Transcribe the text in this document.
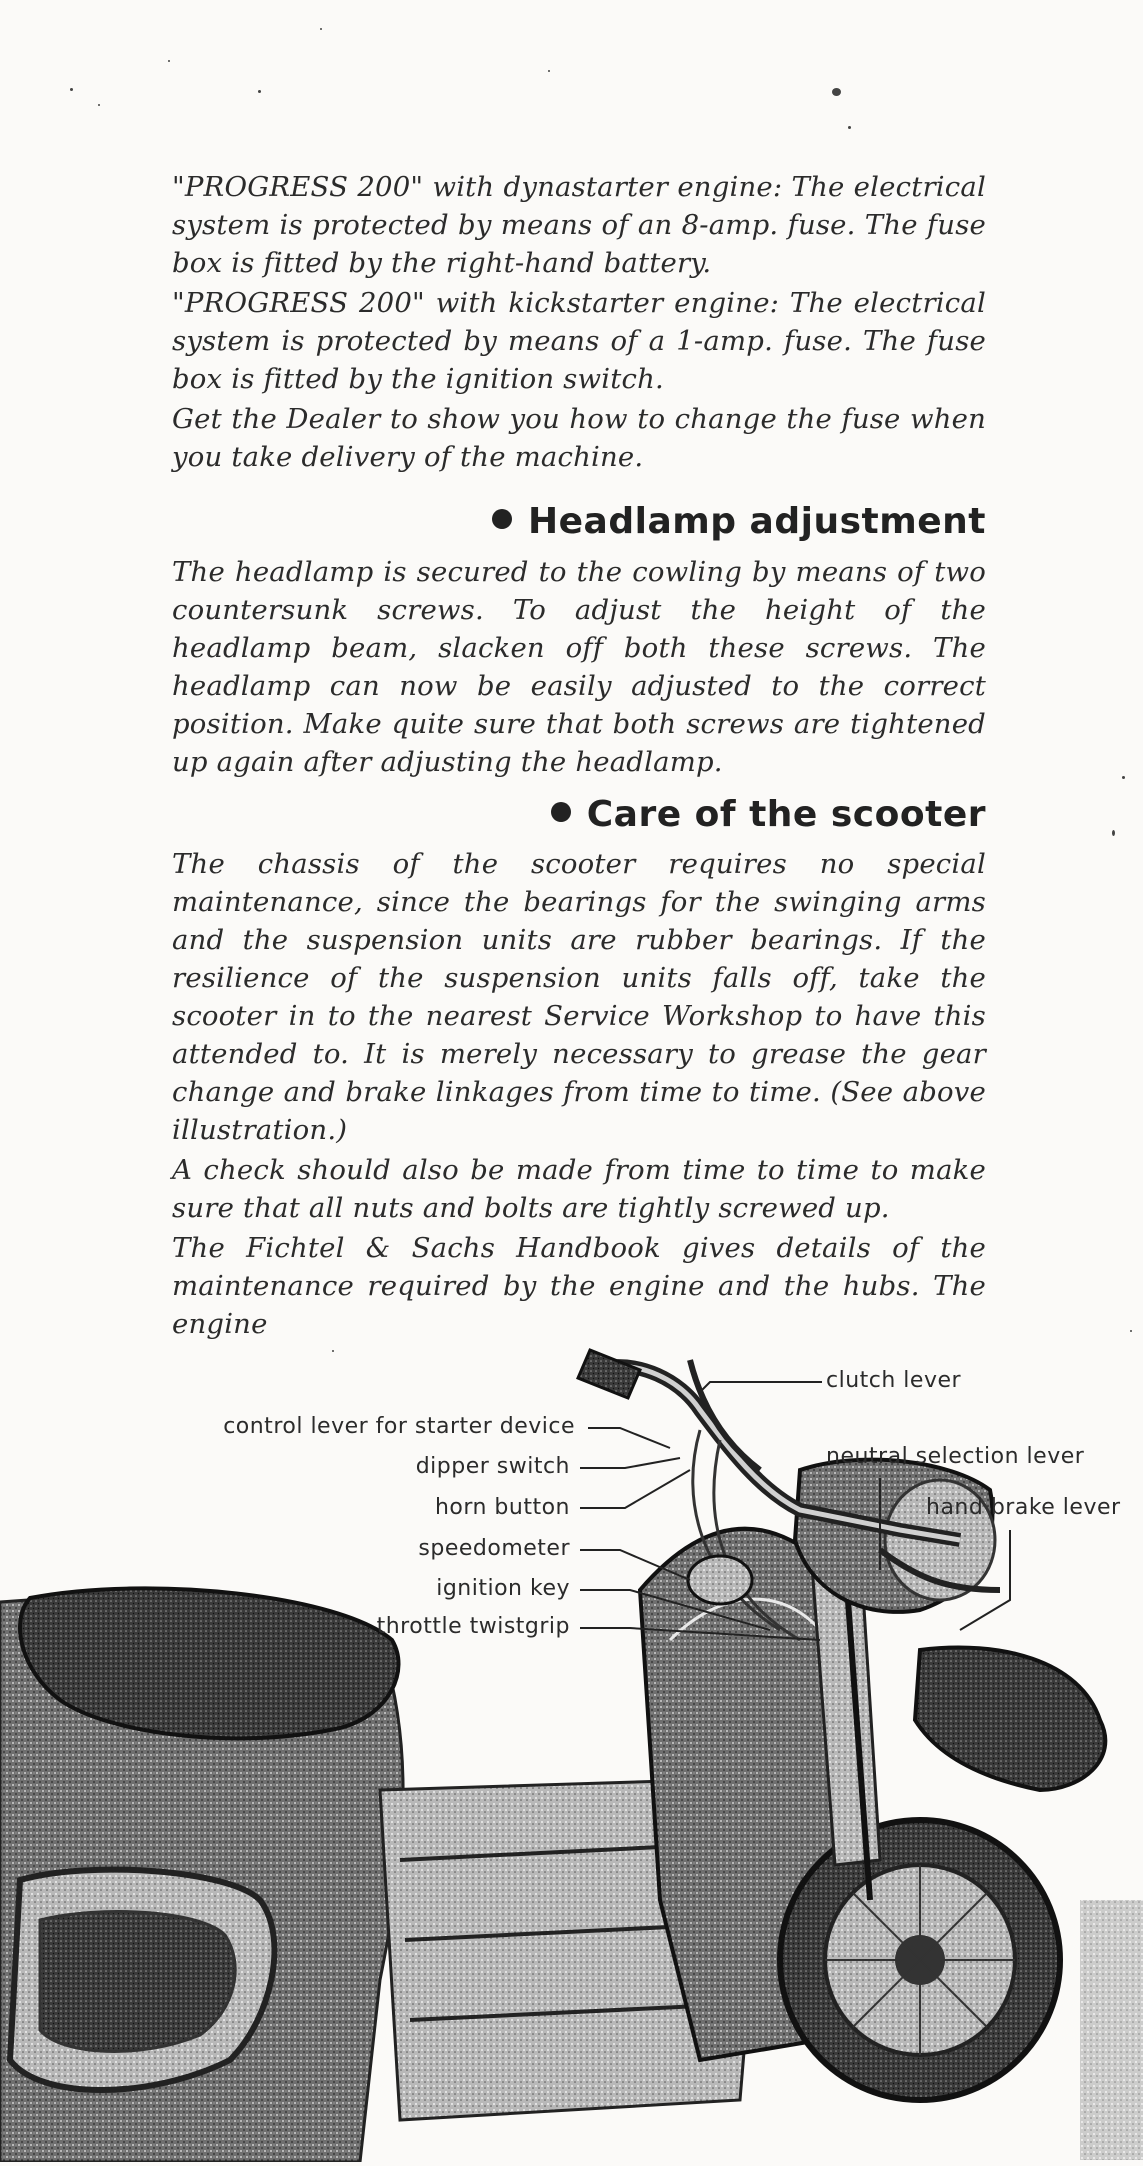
"PROGRESS 200" with dynastarter engine: The electrical system is protected by means of an 8-amp. fuse. The fuse box is fitted by the right-hand battery.

"PROGRESS 200" with kickstarter engine: The electrical system is protected by means of a 1-amp. fuse. The fuse box is fitted by the ignition switch.

Get the Dealer to show you how to change the fuse when you take delivery of the machine.

Headlamp adjustment

The headlamp is secured to the cowling by means of two countersunk screws. To adjust the height of the headlamp beam, slacken off both these screws. The headlamp can now be easily adjusted to the correct position. Make quite sure that both screws are tightened up again after adjusting the headlamp.

Care of the scooter

The chassis of the scooter requires no special maintenance, since the bearings for the swinging arms and the suspension units are rubber bearings. If the resilience of the suspension units falls off, take the scooter in to the nearest Service Workshop to have this attended to. It is merely necessary to grease the gear change and brake linkages from time to time. (See above illustration.)

A check should also be made from time to time to make sure that all nuts and bolts are tightly screwed up.

The Fichtel & Sachs Handbook gives details of the maintenance required by the engine and the hubs. The engine

clutch lever
control lever for starter device
dipper switch
horn button
speedometer
ignition key
throttle twistgrip
neutral selection lever
hand brake lever
